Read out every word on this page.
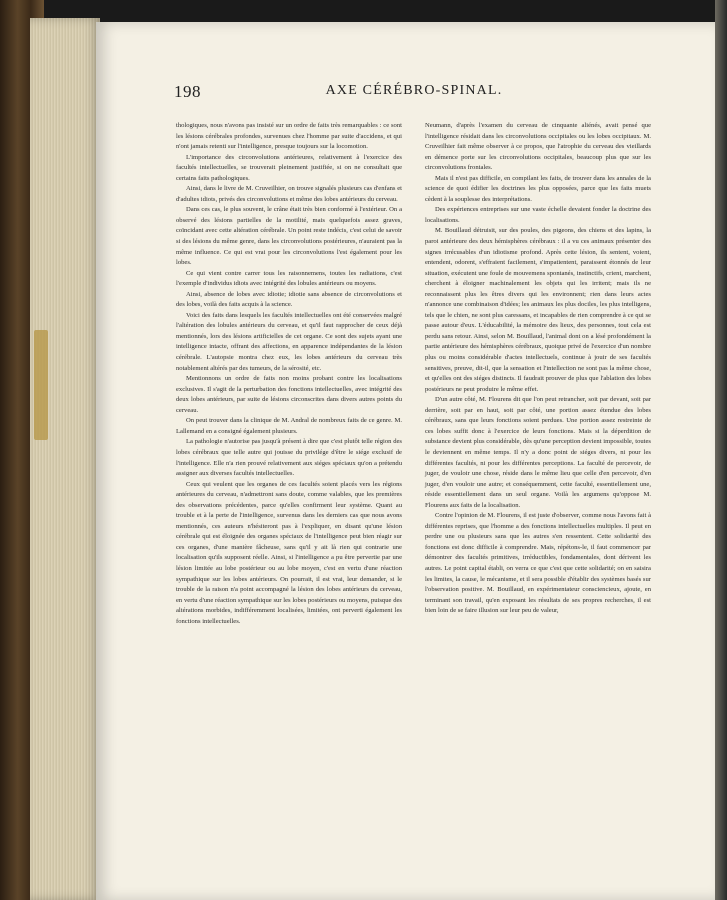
198	AXE CÉRÉBRO-SPINAL.

thologiques, nous n'avons pas insisté sur un ordre de faits très remarquables : ce sont les lésions cérébrales profondes, survenues chez l'homme par suite d'accidens, et qui n'ont jamais retenti sur l'intelligence, presque toujours sur la locomotion.

L'importance des circonvolutions antérieures, relativement à l'exercice des facultés intellectuelles, se trouverait pleinement justifiée, si on ne consultait que certains faits pathologiques.

Ainsi, dans le livre de M. Cruveilhier, on trouve signalés plusieurs cas d'enfans et d'adultes idiots, privés des circonvolutions et même des lobes antérieurs du cerveau.

Dans ces cas, le plus souvent, le crâne était très bien conformé à l'extérieur. On a observé des lésions partielles de la motilité, mais quelquefois assez graves, coïncidant avec cette altération cérébrale. Un point reste indécis, c'est celui de savoir si des lésions du même genre, dans les circonvolutions postérieures, n'auraient pas la même influence. Ce qui est vrai pour les circonvolutions l'est également pour les lobes.

Ce qui vient contre carrer tous les raisonnemens, toutes les radiations, c'est l'exemple d'individus idiots avec intégrité des lobules antérieurs ou moyens.

Ainsi, absence de lobes avec idiotie; idiotie sans absence de circonvolutions et des lobes, voilà des faits acquis à la science.

Voici des faits dans lesquels les facultés intellectuelles ont été conservées malgré l'altération des lobules antérieurs du cerveau, et qu'il faut rapprocher de ceux déjà mentionnés, lors des lésions artificielles de cet organe. Ce sont des sujets ayant une intelligence intacte, offrant des affections, en apparence indépendantes de la lésion cérébrale. L'autopsie montra chez eux, les lobes antérieurs du cerveau très notablement altérés par des tumeurs, de la sérosité, etc.

Mentionnons un ordre de faits non moins probant contre les localisations exclusives. Il s'agit de la perturbation des fonctions intellectuelles, avec intégrité des deux lobes antérieurs, par suite de lésions circonscrites dans divers autres points du cerveau.

On peut trouver dans la clinique de M. Andral de nombreux faits de ce genre. M. Lallemand en a consigné également plusieurs.

La pathologie n'autorise pas jusqu'à présent à dire que c'est plutôt telle région des lobes cérébraux que telle autre qui jouisse du privilége d'être le siége exclusif de l'intelligence. Elle n'a rien prouvé relativement aux siéges spéciaux qu'on a prétendu assigner aux diverses facultés intellectuelles.

Ceux qui veulent que les organes de ces facultés soient placés vers les régions antérieures du cerveau, n'admettront sans doute, comme valables, que les premières des observations précédentes, parce qu'elles confirment leur système. Quant au trouble et à la perte de l'intelligence, survenus dans les derniers cas que nous avons mentionnés, ces auteurs n'hésiteront pas à l'expliquer, en disant qu'une lésion cérébrale qui est éloignée des organes spéciaux de l'intelligence peut bien réagir sur ces organes, d'une manière fâcheuse, sans qu'il y ait là rien qui contrarie une localisation qu'ils supposent réelle. Ainsi, si l'intelligence a pu être pervertie par une lésion limitée au lobe postérieur ou au lobe moyen, c'est en vertu d'une réaction sympathique sur les lobes antérieurs. On pourrait, il est vrai, leur demander, si le trouble de la raison n'a point accompagné la lésion des lobes antérieurs du cerveau, en vertu d'une réaction sympathique sur les lobes postérieurs ou moyens, puisque des altérations morbides, indifféremment localisées, limitées, ont perverti également les fonctions intellectuelles.

Neumann, d'après l'examen du cerveau de cinquante aliénés, avait pensé que l'intelligence résidait dans les circonvolutions occipitales ou les lobes occipitaux. M. Cruveilhier fait même observer à ce propos, que l'atrophie du cerveau des vieillards en démence porte sur les circonvolutions occipitales, beaucoup plus que sur les circonvolutions frontales.

Mais il n'est pas difficile, en compilant les faits, de trouver dans les annales de la science de quoi édifier les doctrines les plus opposées, parce que les faits muets cèdent à la souplesse des interprétations.

Des expériences entreprises sur une vaste échelle devaient fonder la doctrine des localisations.

M. Bouillaud détruisit, sur des poules, des pigeons, des chiens et des lapins, la paroi antérieure des deux hémisphères cérébraux : il a vu ces animaux présenter des signes irrécusables d'un idiotisme profond. Après cette lésion, ils sentent, voient, entendent, odorent, s'effraient facilement, s'impatientent, paraissent étonnés de leur situation, exécutent une foule de mouvemens spontanés, instinctifs, crient, marchent, cherchent à éloigner machinalement les objets qui les irritent; mais ils ne reconnaissent plus les êtres divers qui les environnent; rien dans leurs actes n'annonce une combinaison d'idées; les animaux les plus dociles, les plus intelligens, tels que le chien, ne sont plus caressans, et incapables de rien comprendre à ce qui se passe autour d'eux. L'éducabilité, la mémoire des lieux, des personnes, tout cela est perdu sans retour. Ainsi, selon M. Bouillaud, l'animal dont on a lésé profondément la partie antérieure des hémisphères cérébraux, quoique privé de l'exercice d'un nombre plus ou moins considérable d'actes intellectuels, continue à jouir de ses facultés sensitives, preuve, dit-il, que la sensation et l'intellection ne sont pas la même chose, et qu'elles ont des siéges distincts. Il faudrait prouver de plus que l'ablation des lobes postérieurs ne peut produire le même effet.

D'un autre côté, M. Flourens dit que l'on peut retrancher, soit par devant, soit par derrière, soit par en haut, soit par côté, une portion assez étendue des lobes cérébraux, sans que leurs fonctions soient perdues. Une portion assez restreinte de ces lobes suffit donc à l'exercice de leurs fonctions. Mais si la déperdition de substance devient plus considérable, dès qu'une perception devient impossible, toutes le deviennent en même temps. Il n'y a donc point de siéges divers, ni pour les différentes facultés, ni pour les différentes perceptions. La faculté de percevoir, de juger, de vouloir une chose, réside dans le même lieu que celle d'en percevoir, d'en juger, d'en vouloir une autre; et conséquemment, cette faculté, essentiellement une, réside essentiellement dans un seul organe. Voilà les argumens qu'oppose M. Flourens aux faits de la localisation.

Contre l'opinion de M. Flourens, il est juste d'observer, comme nous l'avons fait à différentes reprises, que l'homme a des fonctions intellectuelles multiples. Il peut en perdre une ou plusieurs sans que les autres s'en ressentent. Cette solidarité des fonctions est donc difficile à comprendre. Mais, répétons-le, il faut commencer par démontrer des facultés primitives, irréductibles, fondamentales, dont dérivent les autres. Le point capital établi, on verra ce que c'est que cette solidarité; on en saisira les limites, la cause, le mécanisme, et il sera possible d'établir des systèmes basés sur l'observation positive. M. Bouillaud, en expérimentateur consciencieux, ajoute, en terminant son travail, qu'en exposant les résultats de ses propres recherches, il est bien loin de se faire illusion sur leur peu de valeur,
